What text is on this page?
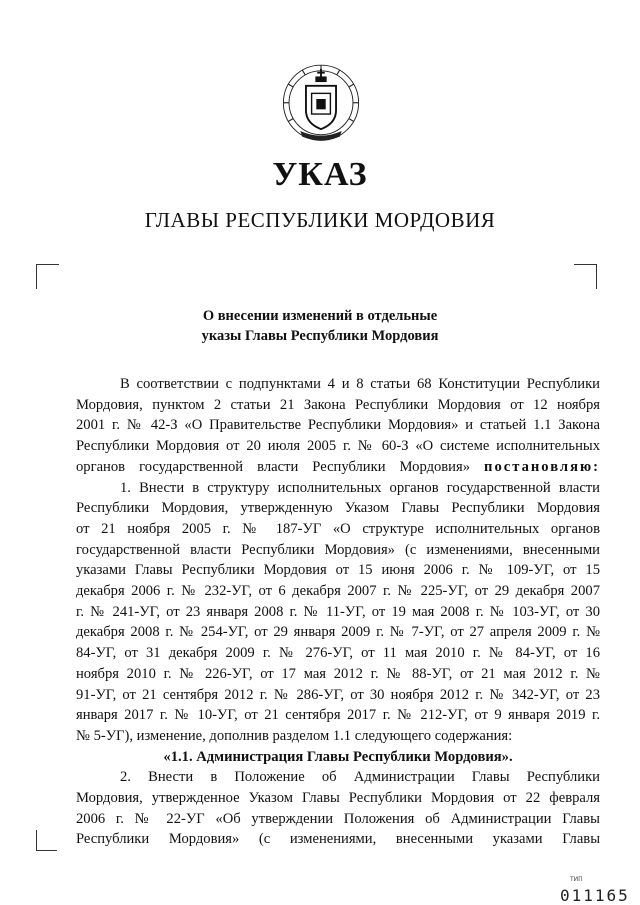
УКАЗ
ГЛАВЫ РЕСПУБЛИКИ МОРДОВИЯ
О внесении изменений в отдельные
указы Главы Республики Мордовия
В соответствии с подпунктами 4 и 8 статьи 68 Конституции Республики
Мордовия, пунктом 2 статьи 21 Закона Республики Мордовия от 12 ноября
2001 г. № 42-З «О Правительстве Республики Мордовия» и статьей 1.1 Закона
Республики Мордовия от 20 июля 2005 г. № 60-З «О системе исполнительных
органов государственной власти Республики Мордовия» постановляю:
1. Внести в структуру исполнительных органов государственной власти
Республики Мордовия, утвержденную Указом Главы Республики Мордовия
от 21 ноября 2005 г. № 187-УГ «О структуре исполнительных органов
государственной власти Республики Мордовия» (с изменениями, внесенными
указами Главы Республики Мордовия от 15 июня 2006 г. № 109-УГ, от 15
декабря 2006 г. № 232-УГ, от 6 декабря 2007 г. № 225-УГ, от 29 декабря 2007
г. № 241-УГ, от 23 января 2008 г. № 11-УГ, от 19 мая 2008 г. № 103-УГ, от 30
декабря 2008 г. № 254-УГ, от 29 января 2009 г. № 7-УГ, от 27 апреля 2009 г. №
84-УГ, от 31 декабря 2009 г. № 276-УГ, от 11 мая 2010 г. № 84-УГ, от 16
ноября 2010 г. № 226-УГ, от 17 мая 2012 г. № 88-УГ, от 21 мая 2012 г. №
91-УГ, от 21 сентября 2012 г. № 286-УГ, от 30 ноября 2012 г. № 342-УГ, от 23
января 2017 г. № 10-УГ, от 21 сентября 2017 г. № 212-УГ, от 9 января 2019 г.
№ 5-УГ), изменение, дополнив разделом 1.1 следующего содержания:
«1.1. Администрация Главы Республики Мордовия».
2. Внести в Положение об Администрации Главы Республики
Мордовия, утвержденное Указом Главы Республики Мордовия от 22 февраля
2006 г. № 22-УГ «Об утверждении Положения об Администрации Главы
Республики Мордовия» (с изменениями, внесенными указами Главы
ТИП
011165
